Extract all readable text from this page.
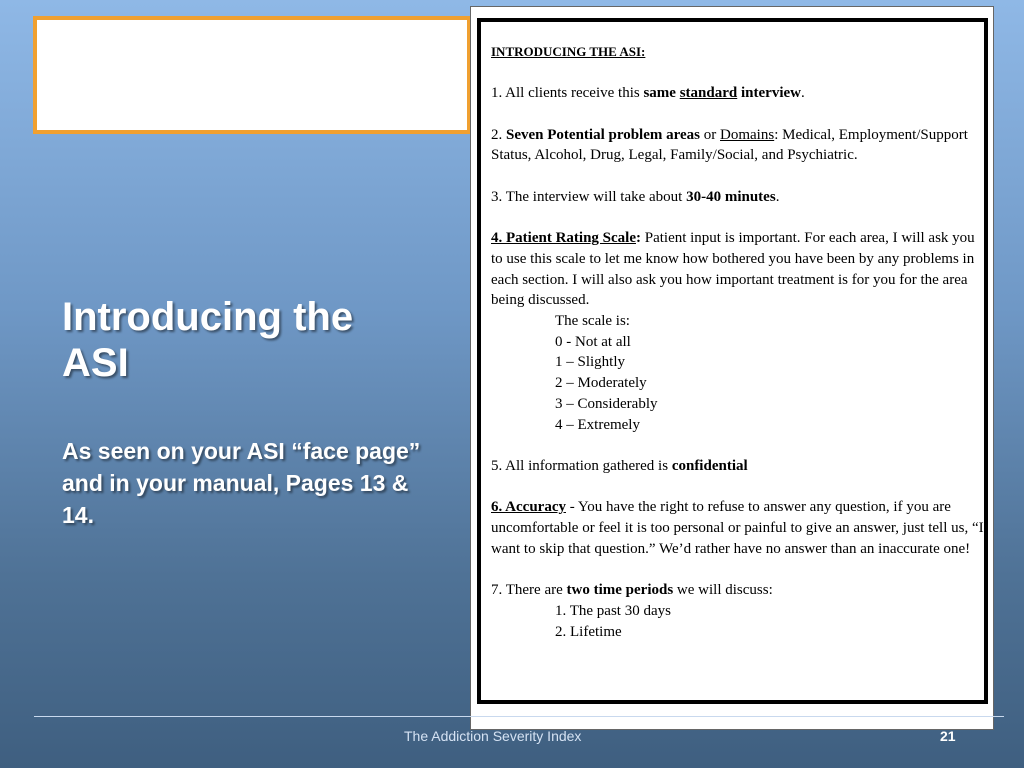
Introducing the ASI
As seen on your ASI “face page” and in your manual, Pages 13 & 14.

INTRODUCING THE ASI:

1. All clients receive this same standard interview.

2. Seven Potential problem areas or Domains: Medical, Employment/Support Status, Alcohol, Drug, Legal, Family/Social, and Psychiatric.

3. The interview will take about 30-40 minutes.

4. Patient Rating Scale: Patient input is important. For each area, I will ask you to use this scale to let me know how bothered you have been by any problems in each section. I will also ask you how important treatment is for you for the area being discussed.

The scale is:

0 - Not at all

1 – Slightly

2 – Moderately

3 – Considerably

4 – Extremely

5. All information gathered is confidential

6. Accuracy - You have the right to refuse to answer any question, if you are uncomfortable or feel it is too personal or painful to give an answer, just tell us, “I want to skip that question.” We’d rather have no answer than an inaccurate one!

7. There are two time periods we will discuss:

1. The past 30 days

2. Lifetime

The Addiction Severity Index	21
